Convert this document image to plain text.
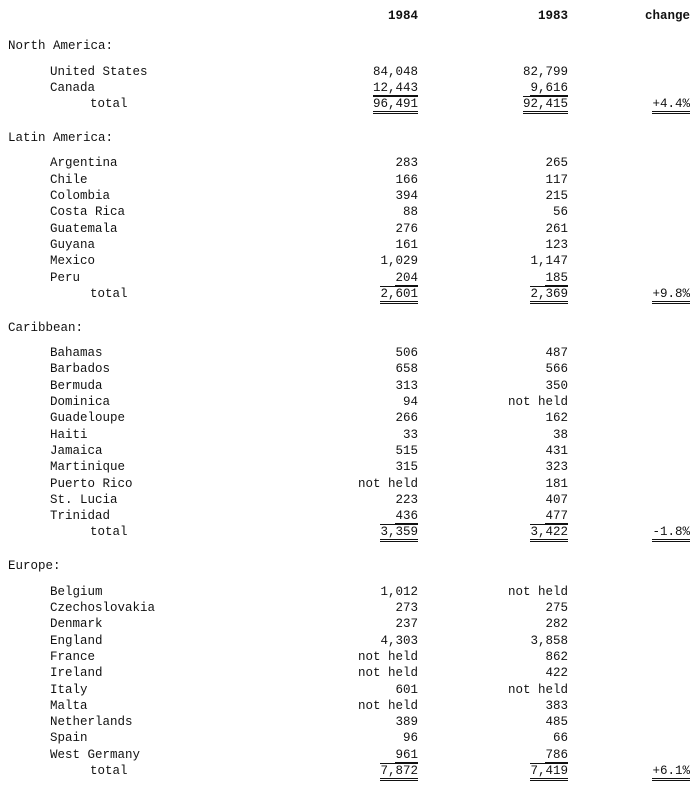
	1984	1983	change
North America:			

United States	84,048	82,799	
Canada	12,443	9,616	
total	96,491	92,415	+4.4%

Latin America:			

Argentina	283	265	
Chile	166	117	
Colombia	394	215	
Costa Rica	88	56	
Guatemala	276	261	
Guyana	161	123	
Mexico	1,029	1,147	
Peru	204	185	
total	2,601	2,369	+9.8%

Caribbean:			

Bahamas	506	487	
Barbados	658	566	
Bermuda	313	350	
Dominica	94	not held	
Guadeloupe	266	162	
Haiti	33	38	
Jamaica	515	431	
Martinique	315	323	
Puerto Rico	not held	181	
St. Lucia	223	407	
Trinidad	436	477	
total	3,359	3,422	-1.8%

Europe:			

Belgium	1,012	not held	
Czechoslovakia	273	275	
Denmark	237	282	
England	4,303	3,858	
France	not held	862	
Ireland	not held	422	
Italy	601	not held	
Malta	not held	383	
Netherlands	389	485	
Spain	96	66	
West Germany	961	786	
total	7,872	7,419	+6.1%
